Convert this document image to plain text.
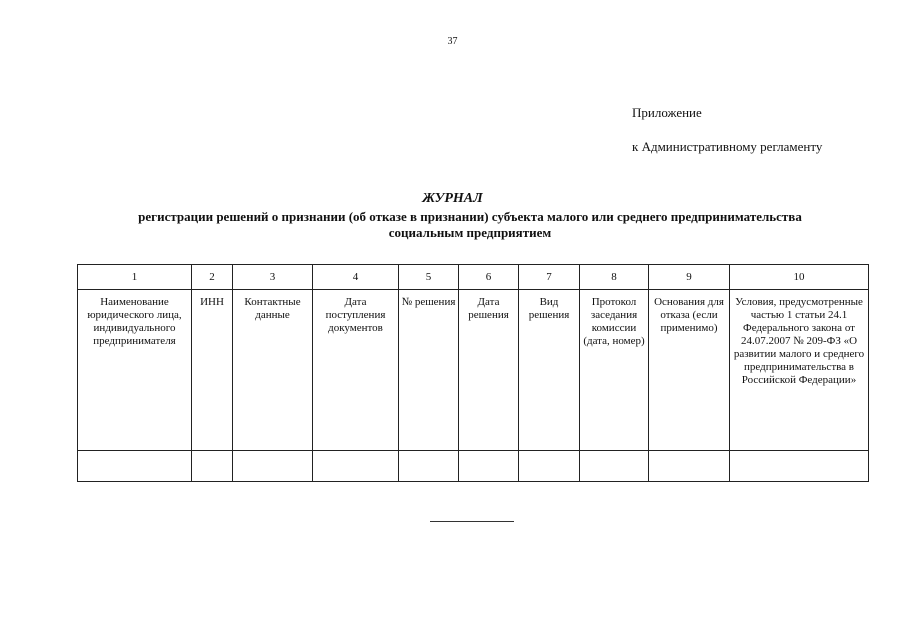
37
Приложение
к Административному регламенту
ЖУРНАЛ
регистрации решений о признании (об отказе в признании) субъекта малого или среднего предпринимательства социальным предприятием
1	2	3	4	5	6	7	8	9	10
Наименование юридического лица, индивидуального предпринимателя	ИНН	Контактные данные	Дата поступления документов	№ решения	Дата решения	Вид решения	Протокол заседания комиссии (дата, номер)	Основания для отказа (если применимо)	Условия, предусмотренные частью 1 статьи 24.1 Федерального закона от 24.07.2007 № 209-ФЗ «О развитии малого и среднего предпринимательства в Российской Федерации»
